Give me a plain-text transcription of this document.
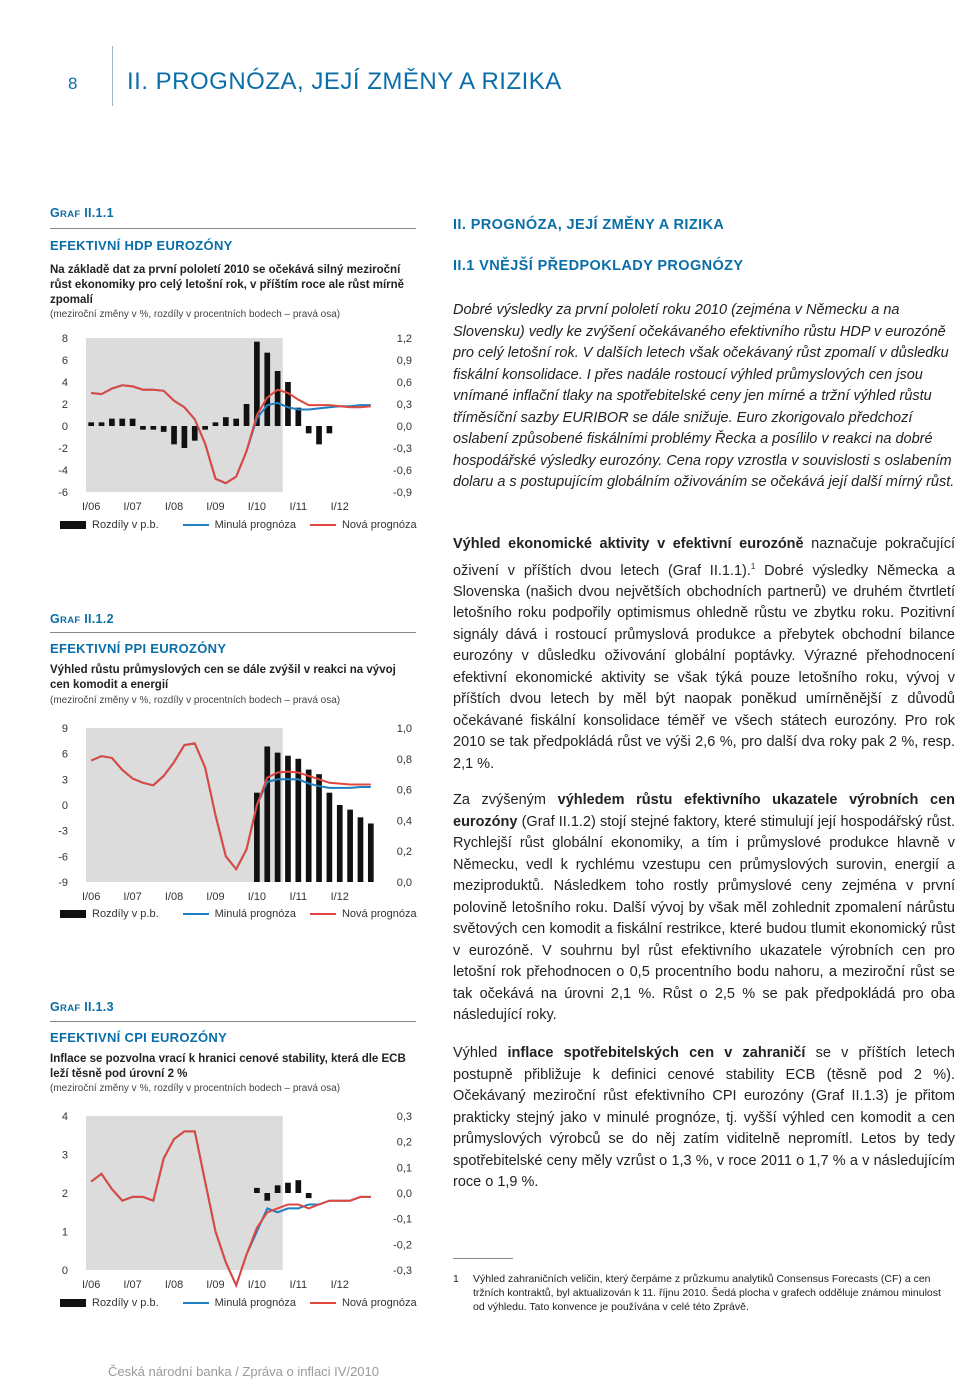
8 II. PROGNÓZA, JEJÍ ZMĚNY A RIZIKA
GRAF II.1.1
EFEKTIVNÍ HDP EUROZÓNY
Na základě dat za první pololetí 2010 se očekává silný meziroční růst ekonomiky pro celý letošní rok, v příštím roce ale růst mírně zpomalí
(meziroční změny v %, rozdíly v procentních bodech – pravá osa)
8
6
4
2
0
-2
-4
-6
1,2
0,9
0,6
0,3
0,0
-0,3
-0,6
-0,9
I/06 I/07 I/08 I/09 I/10 I/11 I/12
Rozdíly v p.b.	Minulá prognóza	Nová prognóza
GRAF II.1.2
EFEKTIVNÍ PPI EUROZÓNY
Výhled růstu průmyslových cen se dále zvýšil v reakci na vývoj cen komodit a energií
(meziroční změny v %, rozdíly v procentních bodech – pravá osa)
9
6
3
0
-3
-6
-9
1,0
0,8
0,6
0,4
0,2
0,0
I/06 I/07 I/08 I/09 I/10 I/11 I/12
Rozdíly v p.b.	Minulá prognóza	Nová prognóza
GRAF II.1.3
EFEKTIVNÍ CPI EUROZÓNY
Inflace se pozvolna vrací k hranici cenové stability, která dle ECB leží těsně pod úrovní 2 %
(meziroční změny v %, rozdíly v procentních bodech – pravá osa)
4
3
2
1
0
0,3
0,2
0,1
0,0
-0,1
-0,2
-0,3
I/06 I/07 I/08 I/09 I/10 I/11 I/12
Rozdíly v p.b.	Minulá prognóza	Nová prognóza
II. PROGNÓZA, JEJÍ ZMĚNY A RIZIKA
II.1 VNĚJŠÍ PŘEDPOKLADY PROGNÓZY
Dobré výsledky za první pololetí roku 2010 (zejména v Německu a na Slovensku) vedly ke zvýšení očekávaného efektivního růstu HDP v eurozóně pro celý letošní rok. V dalších letech však očekávaný růst zpomalí v důsledku fiskální konsolidace. I přes nadále rostoucí výhled průmyslových cen jsou vnímané inflační tlaky na spotřebitelské ceny jen mírné a tržní výhled růstu tříměsíční sazby EURIBOR se dále snižuje. Euro zkorigovalo předchozí oslabení způsobené fiskálními problémy Řecka a posílilo v reakci na dobré hospodářské výsledky eurozóny. Cena ropy vzrostla v souvislosti s oslabením dolaru a s postupujícím globálním oživováním se očekává její další mírný růst.
Výhled ekonomické aktivity v efektivní eurozóně naznačuje pokračující oživení v příštích dvou letech (Graf II.1.1).$^1$ Dobré výsledky Německa a Slovenska (našich dvou největších obchodních partnerů) ve druhém čtvrtletí letošního roku podpořily optimismus ohledně růstu ve zbytku roku. Pozitivní signály dává i rostoucí průmyslová produkce a přebytek obchodní bilance eurozóny v důsledku oživování globální poptávky. Výrazné přehodnocení efektivní ekonomické aktivity se však týká pouze letošního roku, vývoj v příštích dvou letech by měl být naopak poněkud umírněnější z důvodů očekávané fiskální konsolidace téměř ve všech státech eurozóny. Pro rok 2010 se tak předpokládá růst ve výši 2,6 %, pro další dva roky pak 2 %, resp. 2,1 %.
Za zvýšeným výhledem růstu efektivního ukazatele výrobních cen eurozóny (Graf II.1.2) stojí stejné faktory, které stimulují její hospodářský růst. Rychlejší růst globální ekonomiky, a tím i průmyslové produkce hlavně v Německu, vedl k rychlému vzestupu cen průmyslových surovin, energií a meziproduktů. Následkem toho rostly průmyslové ceny zejména v první polovině letošního roku. Další vývoj by však měl zohlednit zpomalení nárůstu světových cen komodit a fiskální restrikce, které budou tlumit ekonomický růst v eurozóně. V souhrnu byl růst efektivního ukazatele výrobních cen pro letošní rok přehodnocen o 0,5 procentního bodu nahoru, a meziroční růst se tak očekává na úrovni 2,1 %. Růst o 2,5 % se pak předpokládá pro oba následující roky.
Výhled inflace spotřebitelských cen v zahraničí se v příštích letech postupně přibližuje k definici cenové stability ECB (těsně pod 2 %). Očekávaný meziroční růst efektivního CPI eurozóny (Graf II.1.3) je přitom prakticky stejný jako v minulé prognóze, tj. vyšší výhled cen komodit a cen průmyslových výrobců se do něj zatím viditelně nepromítl. Letos by tedy spotřebitelské ceny měly vzrůst o 1,3 %, v roce 2011 o 1,7 % a v následujícím roce o 1,9 %.
1 Výhled zahraničních veličin, který čerpáme z průzkumu analytiků Consensus Forecasts (CF) a cen tržních kontraktů, byl aktualizován k 11. říjnu 2010. Šedá plocha v grafech odděluje známou minulost od výhledu. Tato konvence je používána v celé této Zprávě.
Česká národní banka / Zpráva o inflaci IV/2010
